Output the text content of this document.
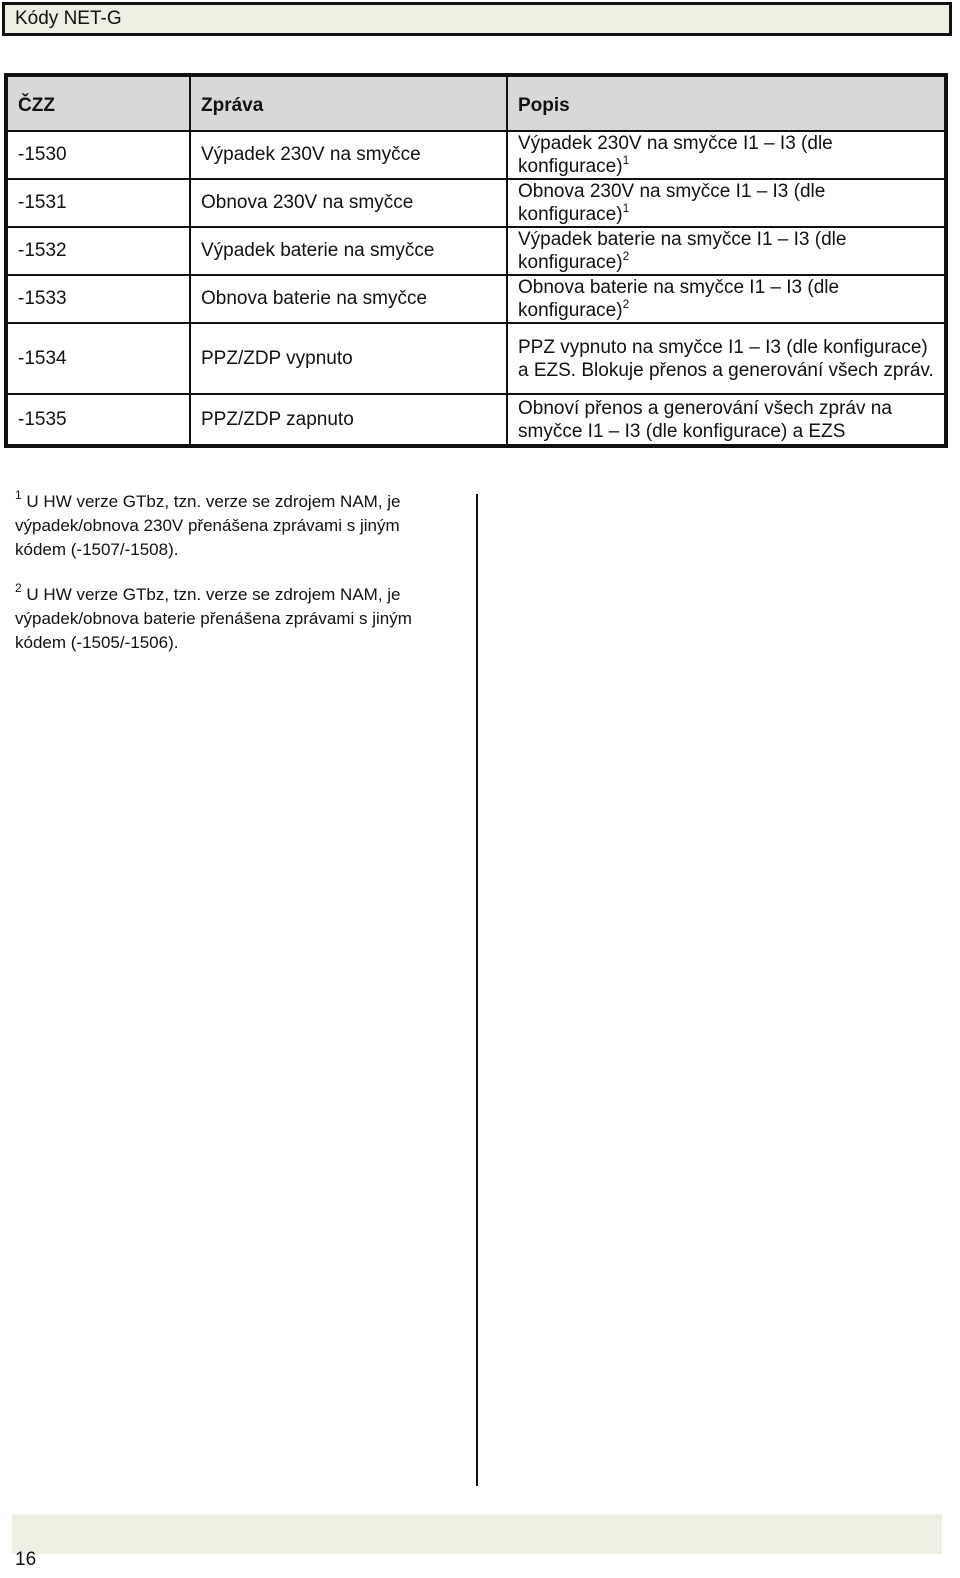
Kódy NET-G
ČZZ	Zpráva	Popis
-1530	Výpadek 230V na smyčce	Výpadek 230V na smyčce I1 – I3 (dle konfigurace)$^1$
-1531	Obnova 230V na smyčce	Obnova 230V na smyčce I1 – I3 (dle konfigurace)$^1$
-1532	Výpadek baterie na smyčce	Výpadek baterie na smyčce I1 – I3 (dle konfigurace)$^2$
-1533	Obnova baterie na smyčce	Obnova baterie na smyčce I1 – I3 (dle konfigurace)$^2$
-1534	PPZ/ZDP vypnuto	PPZ vypnuto na smyčce I1 – I3 (dle konfigurace) a EZS. Blokuje přenos a generování všech zpráv.
-1535	PPZ/ZDP zapnuto	Obnoví přenos a generování všech zpráv na smyčce I1 – I3 (dle konfigurace) a EZS

$^1$ U HW verze GTbz, tzn. verze se zdrojem NAM, je výpadek/obnova 230V přenášena zprávami s jiným kódem (-1507/-1508).

$^2$ U HW verze GTbz, tzn. verze se zdrojem NAM, je výpadek/obnova baterie přenášena zprávami s jiným kódem (-1505/-1506).

16
